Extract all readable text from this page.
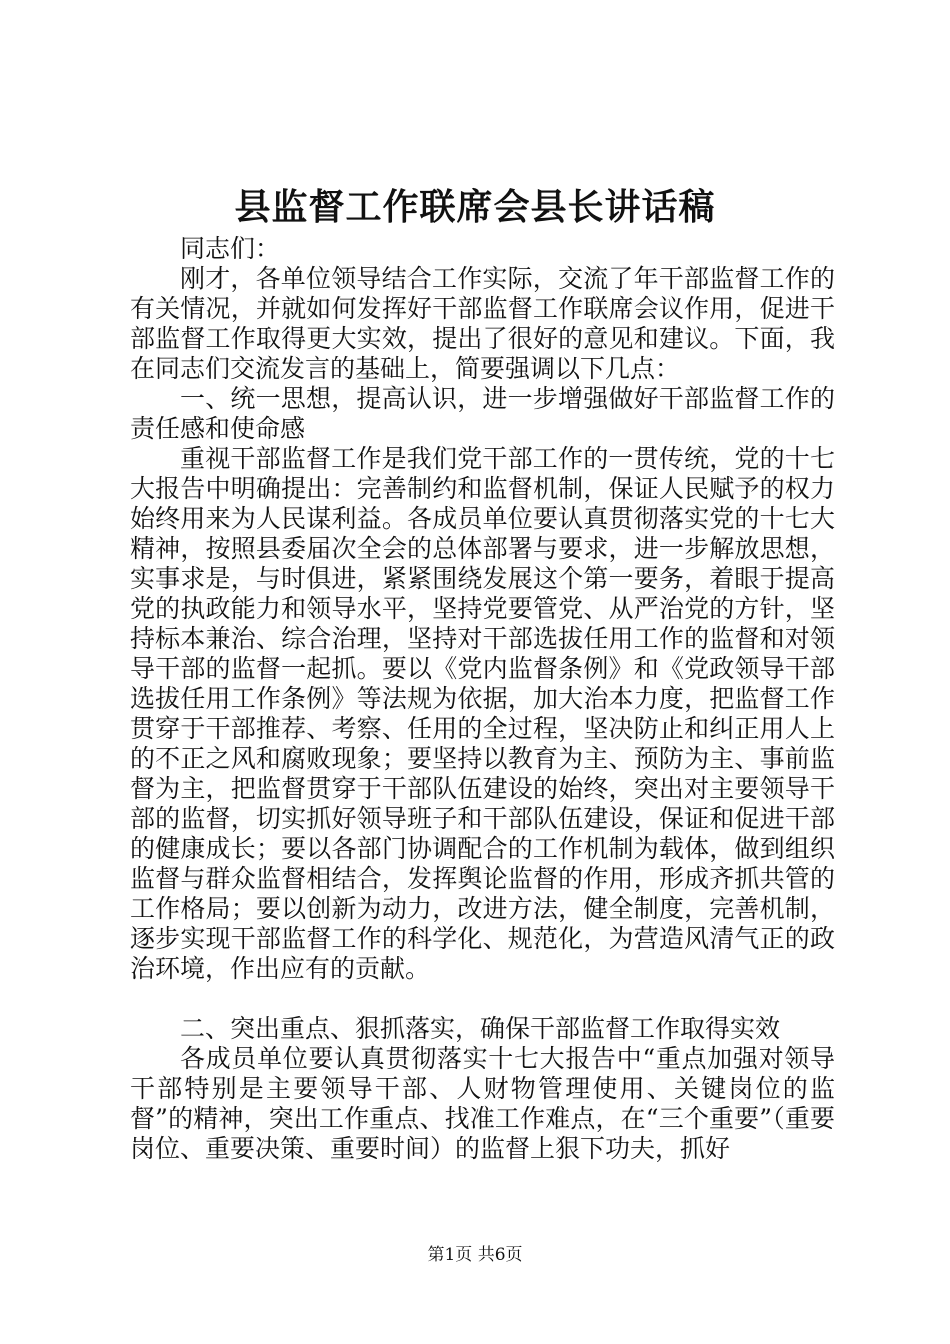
县监督工作联席会县长讲话稿

同志们：

刚才，各单位领导结合工作实际，交流了年干部监督工作的有关情况，并就如何发挥好干部监督工作联席会议作用，促进干部监督工作取得更大实效，提出了很好的意见和建议。下面，我在同志们交流发言的基础上，简要强调以下几点：

一、统一思想，提高认识，进一步增强做好干部监督工作的责任感和使命感

重视干部监督工作是我们党干部工作的一贯传统，党的十七大报告中明确提出：完善制约和监督机制，保证人民赋予的权力始终用来为人民谋利益。各成员单位要认真贯彻落实党的十七大精神，按照县委届次全会的总体部署与要求，进一步解放思想，实事求是，与时俱进，紧紧围绕发展这个第一要务，着眼于提高党的执政能力和领导水平，坚持党要管党、从严治党的方针，坚持标本兼治、综合治理，坚持对干部选拔任用工作的监督和对领导干部的监督一起抓。要以《党内监督条例》和《党政领导干部选拔任用工作条例》等法规为依据，加大治本力度，把监督工作贯穿于干部推荐、考察、任用的全过程，坚决防止和纠正用人上的不正之风和腐败现象；要坚持以教育为主、预防为主、事前监督为主，把监督贯穿于干部队伍建设的始终，突出对主要领导干部的监督，切实抓好领导班子和干部队伍建设，保证和促进干部的健康成长；要以各部门协调配合的工作机制为载体，做到组织监督与群众监督相结合，发挥舆论监督的作用，形成齐抓共管的工作格局；要以创新为动力，改进方法，健全制度，完善机制，逐步实现干部监督工作的科学化、规范化，为营造风清气正的政治环境，作出应有的贡献。

二、突出重点、狠抓落实，确保干部监督工作取得实效

各成员单位要认真贯彻落实十七大报告中“重点加强对领导干部特别是主要领导干部、人财物管理使用、关键岗位的监督”的精神，突出工作重点、找准工作难点，在“三个重要”（重要岗位、重要决策、重要时间）的监督上狠下功夫，抓好

第1页 共6页
